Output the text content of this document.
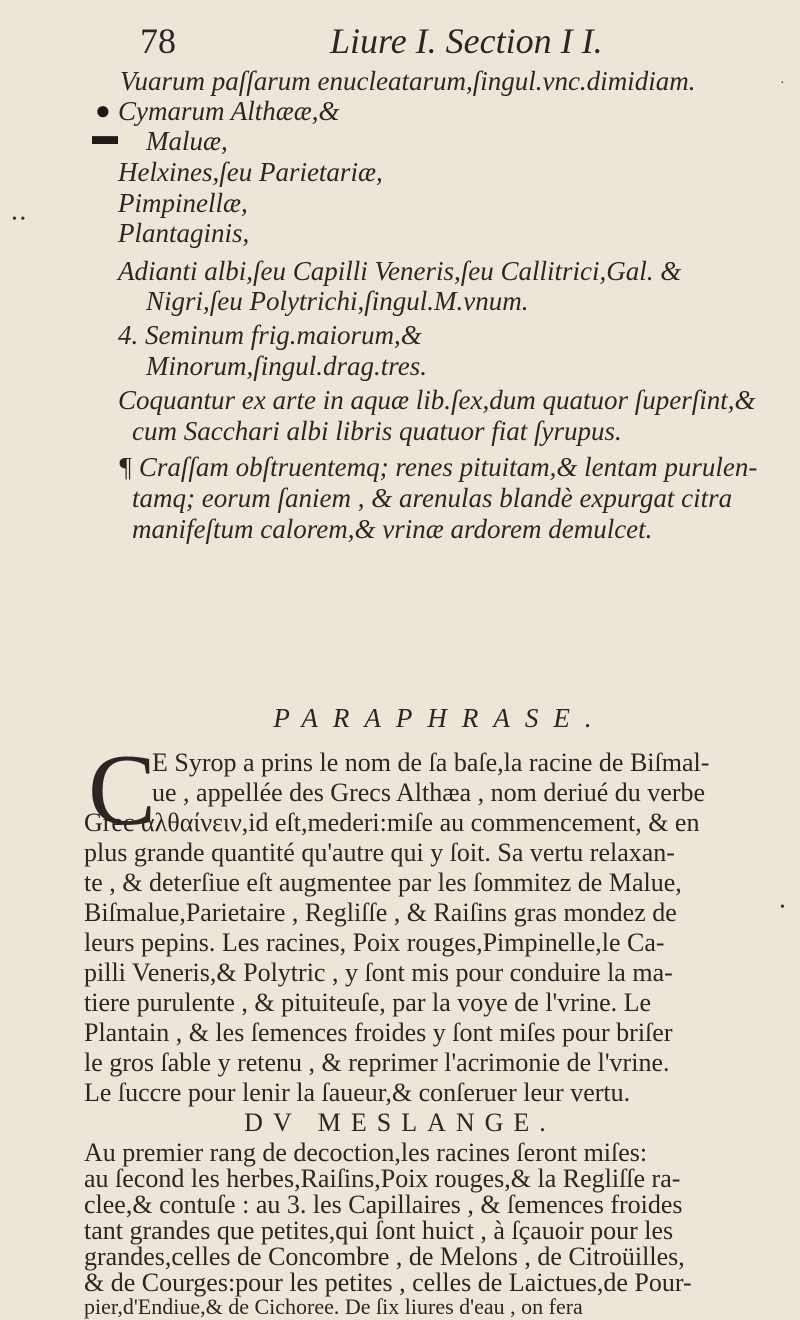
78	Liure I. Section I I.
●
▬
Vuarum paſſarum enucleatarum,ſingul.vnc.dimidiam.
Cymarum Althææ,&
Maluæ,
Helxines,ſeu Parietariæ,
Pimpinellæ,
Plantaginis,
Adianti albi,ſeu Capilli Veneris,ſeu Callitrici,Gal. &
Nigri,ſeu Polytrichi,ſingul.M.vnum.
4. Seminum frig.maiorum,&
Minorum,ſingul.drag.tres.
Coquantur ex arte in aquæ lib.ſex,dum quatuor ſuperſint,&
cum Sacchari albi libris quatuor fiat ſyrupus.
¶ Craſſam obſtruentemq; renes pituitam,& lentam purulen-
tamq; eorum ſaniem , & arenulas blandè expurgat citra
manifeſtum calorem,& vrinæ ardorem demulcet.
PARAPHRASE.
C
E Syrop a prins le nom de ſa baſe,la racine de Biſmal-
ue , appellée des Grecs Althæa , nom deriué du verbe
Grec ἀλθαίνειν,id eſt,mederi:miſe au commencement, & en
plus grande quantité qu'autre qui y ſoit. Sa vertu relaxan-
te , & deterſiue eſt augmentee par les ſommitez de Malue,
Biſmalue,Parietaire , Regliſſe , & Raiſins gras mondez de
leurs pepins. Les racines, Poix rouges,Pimpinelle,le Ca-
pilli Veneris,& Polytric , y ſont mis pour conduire la ma-
tiere purulente , & pituiteuſe, par la voye de l'vrine. Le
Plantain , & les ſemences froides y ſont miſes pour briſer
le gros ſable y retenu , & reprimer l'acrimonie de l'vrine.
Le ſuccre pour lenir la ſaueur,& conſeruer leur vertu.
DV MESLANGE.
Au premier rang de decoction,les racines ſeront miſes:
au ſecond les herbes,Raiſins,Poix rouges,& la Regliſſe ra-
clee,& contuſe : au 3. les Capillaires , & ſemences froides
tant grandes que petites,qui ſont huict , à ſçauoir pour les
grandes,celles de Concombre , de Melons , de Citroüilles,
& de Courges:pour les petites , celles de Laictues,de Pour-
pier,d'Endiue,& de Cichoree. De ſix liures d'eau , on fera
·
• •
•
